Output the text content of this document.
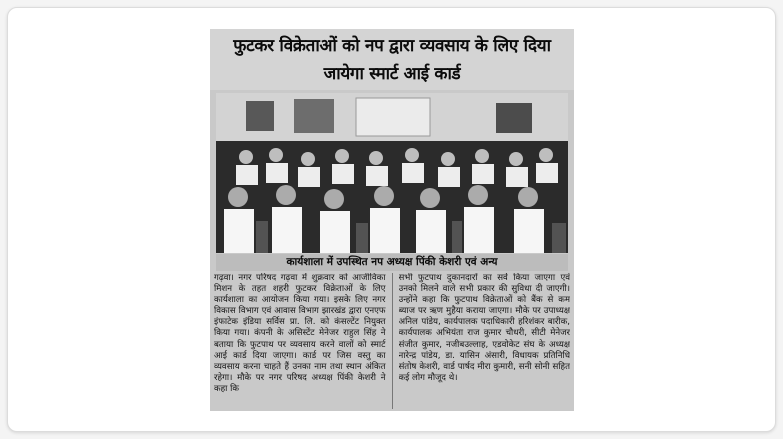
फुटकर विक्रेताओं को नप द्वारा व्यवसाय के लिए दिया जायेगा स्मार्ट आई कार्ड
कार्यशाला में उपस्थित नप अध्यक्ष पिंकी केशरी एवं अन्य
गढ़वा। नगर परिषद गढ़वा में शुक्रवार को आजीविका मिशन के तहत शहरी फुटकर विक्रेताओं के लिए कार्यशाला का आयोजन किया गया। इसके लिए नगर विकास विभाग एवं आवास विभाग झारखंड द्वारा एनएफ इंफाटेक इंडिया सर्विस प्रा. लि. को कंसल्टेंट नियुक्त किया गया। कंपनी के असिस्टेंट मेनेजर राहुल सिंह ने बताया कि फुटपाथ पर व्यवसाय करने वालों को स्मार्ट आई कार्ड दिया जाएगा। कार्ड पर जिस वस्तु का व्यवसाय करना चाहते हैं उनका नाम तथा स्थान अंकित रहेगा। मौके पर नगर परिषद अध्यक्ष पिंकी केशरी ने कहा कि
सभी फुटपाथ दुकानदारों का सर्वे किया जाएगा एवं उनको मिलने वाले सभी प्रकार की सुविधा दी जाएगी। उन्होंने कहा कि फुटपाथ विक्रेताओं को बैंक से कम ब्याज पर ऋण मुहैया कराया जाएगा। मौके पर उपाध्यक्ष अनिल पांडेय, कार्यपालक पदाधिकारी हरिशंकर बारीक, कार्यपालक अभियंता राज कुमार चौधरी, सीटी मेनेजर संजीत कुमार, नजीबउल्लाह, एडवोकेट संघ के अध्यक्ष नारेन्द्र पांडेय, डा. यासिन अंसारी, विधायक प्रतिनिधि संतोष केशरी, वार्ड पार्षद मीरा कुमारी, सनी सोनी सहित कई लोग मौजूद थे।
